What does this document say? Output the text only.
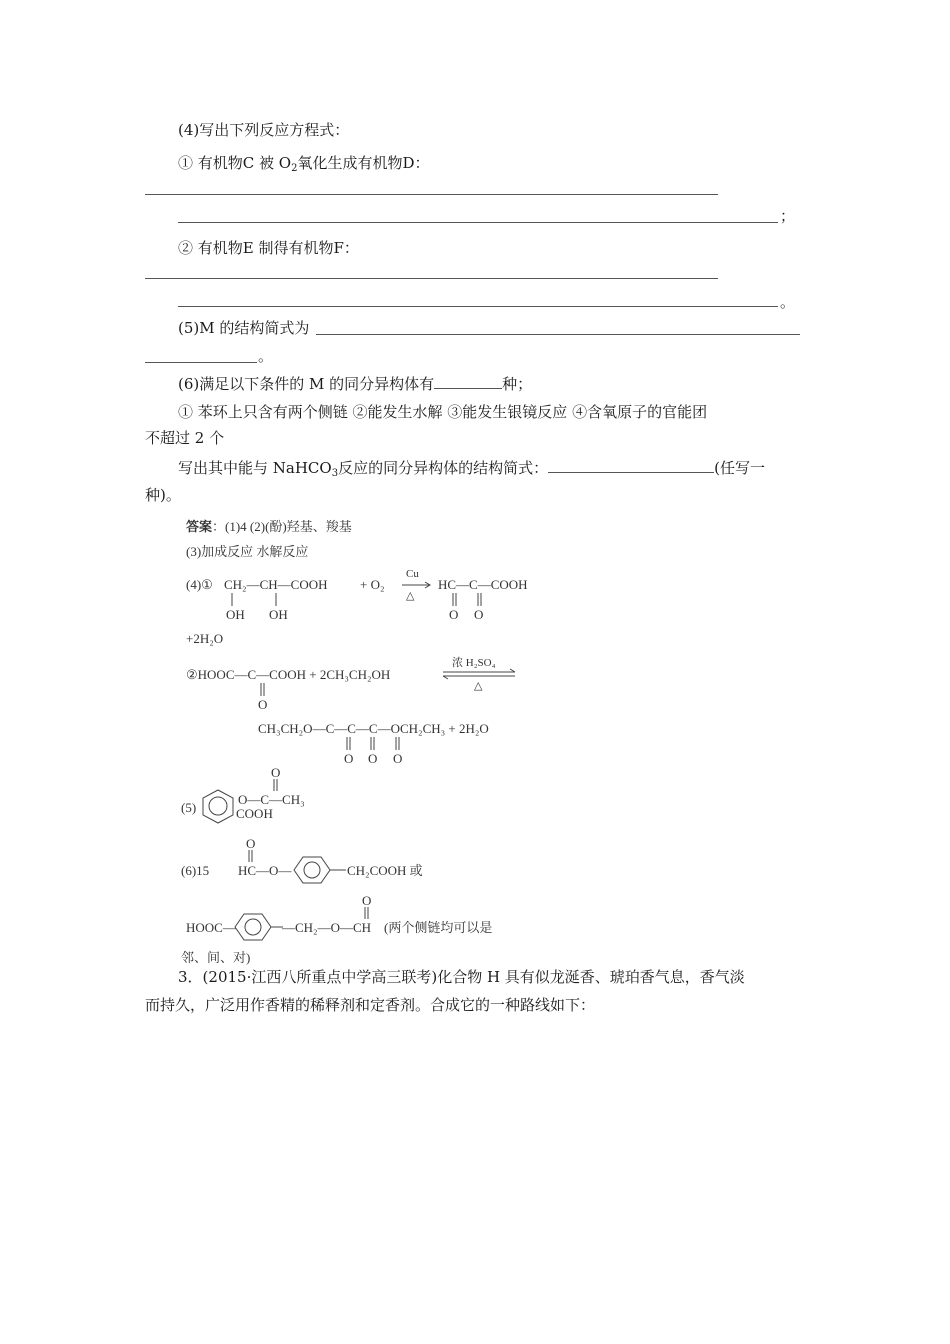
(4)写出下列反应方程式：
① 有机物C 被 $O_2$氧化生成有机物D：
；
② 有机物E 制得有机物F：
。
(5)M 的结构简式为
。
(6)满足以下条件的 M 的同分异构体有	种；
① 苯环上只含有两个侧链 ②能发生水解 ③能发生银镜反应 ④含氧原子的官能团
不超过 2 个
写出其中能与 NaHCO$_3$反应的同分异构体的结构简式：	(任写一
种)。
答案：(1)4 (2)(酚)羟基、羧基
(3)加成反应 水解反应
(4)① CH₂—CH—COOH	+ O₂
Cu
△
HC—C—COOH
OH OH	O O
+2H₂O
②HOOC—C—COOH + 2CH₃CH₂OH
O
浓 H₂SO₄
△
CH₃CH₂O—C—C—C—OCH₂CH₃ + 2H₂O
O O O
(5)
O
O—C—CH₃
COOH
(6)15
O
HC—O—	CH₂COOH 或
HOOC—
O
—CH₂—O—CH (两个侧链均可以是
邻、间、对)
3．(2015·江西八所重点中学高三联考)化合物 H 具有似龙涎香、琥珀香气息，香气淡
而持久，广泛用作香精的稀释剂和定香剂。合成它的一种路线如下：
